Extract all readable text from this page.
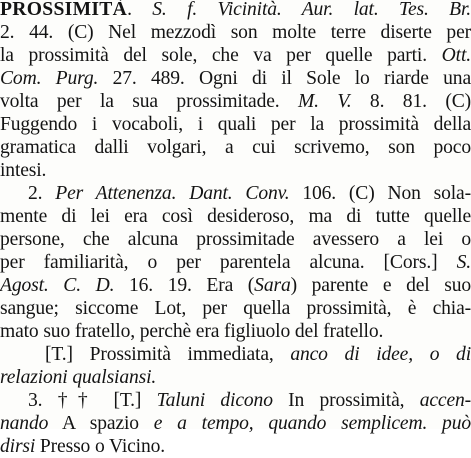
PROSSIMITÀ. S. f. Vicinità. Aur. lat. Tes. Br.
2. 44. (C) Nel mezzodì son molte terre diserte per
la prossimità del sole, che va per quelle parti. Ott.
Com. Purg. 27. 489. Ogni di il Sole lo riarde una
volta per la sua prossimitade. M. V. 8. 81. (C)
Fuggendo i vocaboli, i quali per la prossimità della
gramatica dalli volgari, a cui scrivemo, son poco
intesi.
2. Per Attenenza. Dant. Conv. 106. (C) Non sola-
mente di lei era così desideroso, ma di tutte quelle
persone, che alcuna prossimitade avessero a lei o
per familiarità, o per parentela alcuna. [Cors.] S.
Agost. C. D. 16. 19. Era (Sara) parente e del suo
sangue; siccome Lot, per quella prossimità, è chia-
mato suo fratello, perchè era figliuolo del fratello.
[T.] Prossimità immediata, anco di idee, o di
relazioni qualsiansi.
3. †† [T.] Taluni dicono In prossimità, accen-
nando A spazio e a tempo, quando semplicem. può
dirsi Presso o Vicino.
